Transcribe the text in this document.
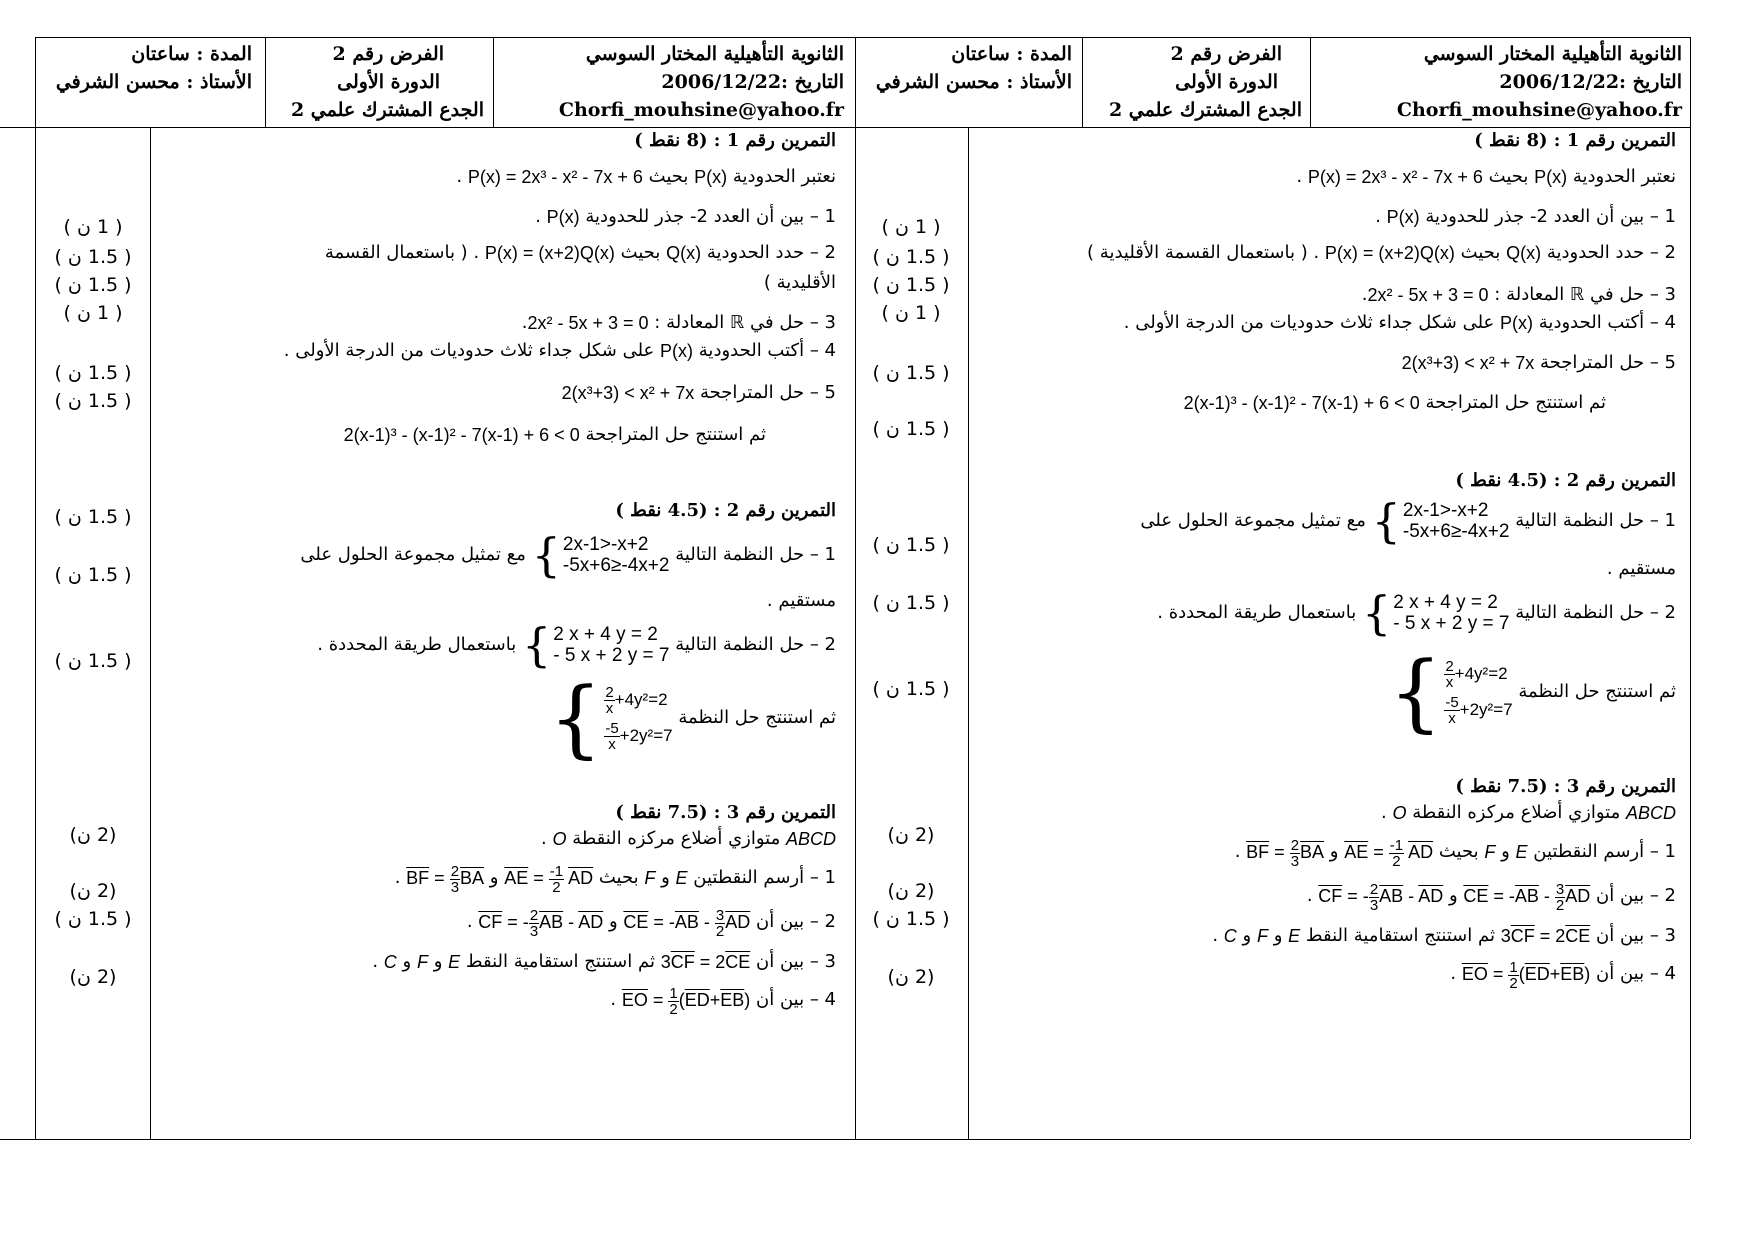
الثانوية التأهيلية المختار السوسي
التاريخ :2006/12/22
Chorfi_mouhsine@yahoo.fr
الفرض رقم 2
الدورة الأولى
الجدع المشترك علمي 2
المدة : ساعتان
الأستاذ : محسن الشرفي
الثانوية التأهيلية المختار السوسي
التاريخ :2006/12/22
Chorfi_mouhsine@yahoo.fr
الفرض رقم 2
الدورة الأولى
الجدع المشترك علمي 2
المدة : ساعتان
الأستاذ : محسن الشرفي
التمرين رقم 1 : (8 نقط )
نعتبر الحدودية P(x) بحيث P(x) = 2x³ - x² - 7x + 6 .
1 – بين أن العدد 2- جذر للحدودية P(x) .
2 – حدد الحدودية Q(x) بحيث P(x) = (x+2)Q(x) . ( باستعمال القسمة الأقليدية )
3 – حل في ℝ المعادلة : 2x² - 5x + 3 = 0.
4 – أكتب الحدودية P(x) على شكل جداء ثلاث حدوديات من الدرجة الأولى .
5 – حل المتراجحة 2(x³+3) < x² + 7x
ثم استنتج حل المتراجحة 2(x-1)³ - (x-1)² - 7(x-1) + 6 < 0
التمرين رقم 2 : (4.5 نقط )
1 – حل النظمة التالية
{ 2x-1>-x+2
-5x+6≥-4x+2
مع تمثيل مجموعة الحلول على
مستقيم .
2 – حل النظمة التالية
{ 2 x + 4 y = 2
- 5 x + 2 y = 7
باستعمال طريقة المحددة .
ثم استنتج حل النظمة
{ $\frac{2}{x} +4y^2=2$
$\frac{-5}{x} +2y^2=7$
التمرين رقم 3 : (7.5 نقط )
ABCD متوازي أضلاع مركزه النقطة O .
1 – أرسم النقطتين E و F بحيث $\overline{AE} = \frac{-1}{2} \overline{AD}$ و $\overline{BF} = \frac{2}{3} \overline{BA}$ .
2 – بين أن $\overline{CE} = -\overline{AB} - \frac{3}{2} \overline{AD}$ و $\overline{CF}$ = - $\frac{2}{3} \overline{AB} - \overline{AD}$ .
3 – بين أن $3\overline{CF} = 2\overline{CE}$ ثم استنتج استقامية النقط E و F و C .
4 – بين أن $\overline{EO} = \frac{1}{2} (\overline{ED}+\overline{EB})$ .
( 1 ن )
( 1.5 ن )
( 1.5 ن )
( 1 ن )
( 1.5 ن )
( 1.5 ن )
( 1.5 ن )
( 1.5 ن )
( 1.5 ن )
(2 ن)
(2 ن)
( 1.5 ن )
(2 ن)
التمرين رقم 1 : (8 نقط )
نعتبر الحدودية P(x) بحيث P(x) = 2x³ - x² - 7x + 6 .
1 – بين أن العدد 2- جذر للحدودية P(x) .
2 – حدد الحدودية Q(x) بحيث P(x) = (x+2)Q(x) . ( باستعمال القسمة
الأقليدية )
3 – حل في ℝ المعادلة : 2x² - 5x + 3 = 0.
4 – أكتب الحدودية P(x) على شكل جداء ثلاث حدوديات من الدرجة الأولى .
5 – حل المتراجحة 2(x³+3) < x² + 7x
ثم استنتج حل المتراجحة 2(x-1)³ - (x-1)² - 7(x-1) + 6 < 0
التمرين رقم 2 : (4.5 نقط )
1 – حل النظمة التالية
{ 2x-1>-x+2
-5x+6≥-4x+2
مع تمثيل مجموعة الحلول على
مستقيم .
2 – حل النظمة التالية
{ 2 x + 4 y = 2
- 5 x + 2 y = 7
باستعمال طريقة المحددة .
ثم استنتج حل النظمة
{ $\frac{2}{x} +4y^2=2$
$\frac{-5}{x} +2y^2=7$
التمرين رقم 3 : (7.5 نقط )
ABCD متوازي أضلاع مركزه النقطة O .
1 – أرسم النقطتين E و F بحيث $\overline{AE} = \frac{-1}{2} \overline{AD}$ و $\overline{BF} = \frac{2}{3} \overline{BA}$ .
2 – بين أن $\overline{CE} = -\overline{AB} - \frac{3}{2} \overline{AD}$ و $\overline{CF}$ = - $\frac{2}{3} \overline{AB} - \overline{AD}$ .
3 – بين أن $3\overline{CF} = 2\overline{CE}$ ثم استنتج استقامية النقط E و F و C .
4 – بين أن $\overline{EO} = \frac{1}{2} (\overline{ED}+\overline{EB})$ .
( 1 ن )
( 1.5 ن )
( 1.5 ن )
( 1 ن )
( 1.5 ن )
( 1.5 ن )
( 1.5 ن )
( 1.5 ن )
( 1.5 ن )
(2 ن)
(2 ن)
( 1.5 ن )
(2 ن)
